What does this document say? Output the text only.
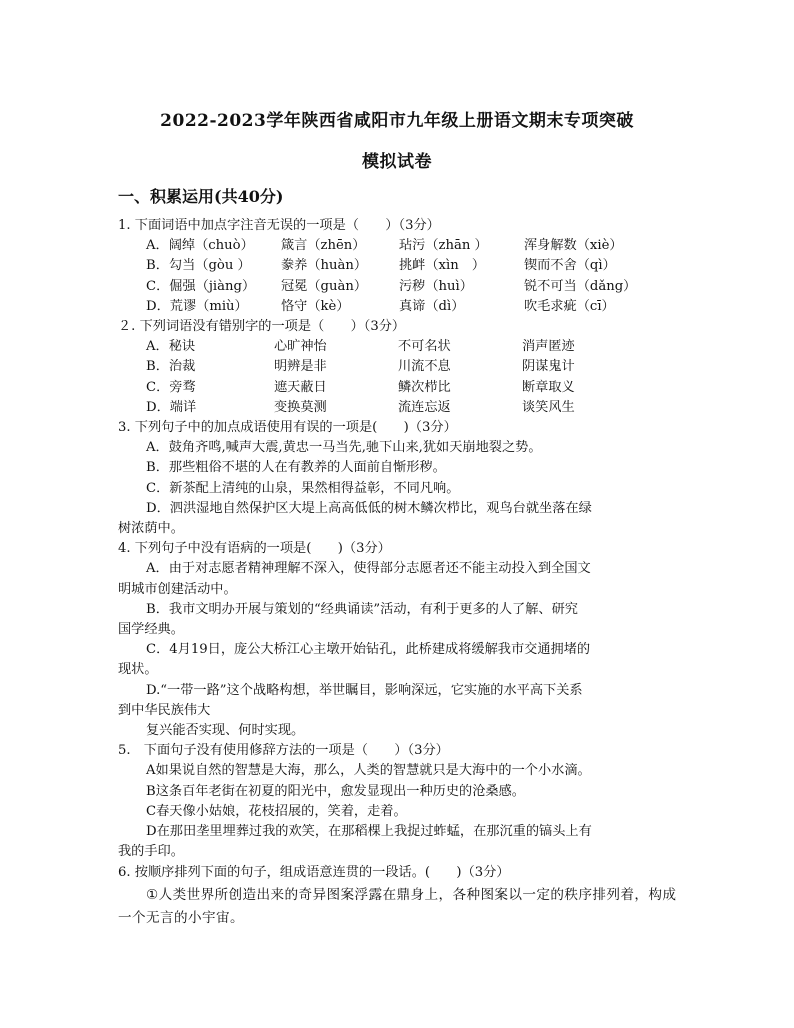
2022-2023学年陕西省咸阳市九年级上册语文期末专项突破
模拟试卷
一、积累运用(共40分)
1. 下面词语中加点字注音无误的一项是（　　）（3分）
A．阔绰（chuò）	箴言（zhēn）	玷污（zhān ）	浑身解数（xiè）
B．勾当（gòu ）	豢养（huàn）	挑衅（xìn　）	锲而不舍（qì）
C．倔强（jiàng）	冠冕（guàn）	污秽（huì）	锐不可当（dǎng）
D．荒谬（miù）	恪守（kè）	真谛（dì）	吹毛求疵（cī）
２. 下列词语没有错别字的一项是（　　）（3分）
A．秘诀	心旷神怡	不可名状	消声匿迹
B．治裁	明辨是非	川流不息	阴谋鬼计
C．旁骛	遮天蔽日	鳞次栉比	断章取义
D．端详	变换莫测	流连忘返	谈笑风生
3. 下列句子中的加点成语使用有误的一项是(　　)（3分）
A．鼓角齐鸣,喊声大震,黄忠一马当先,驰下山来,犹如天崩地裂之势。
B．那些粗俗不堪的人在有教养的人面前自惭形秽。
C．新茶配上清纯的山泉，果然相得益彰，不同凡响。
D．泗洪湿地自然保护区大堤上高高低低的树木鳞次栉比，观鸟台就坐落在绿
树浓荫中。
4. 下列句子中没有语病的一项是(　　)（3分）
A．由于对志愿者精神理解不深入，使得部分志愿者还不能主动投入到全国文
明城市创建活动中。
B．我市文明办开展与策划的“经典诵读”活动，有利于更多的人了解、研究
国学经典。
C．4月19日，庞公大桥江心主墩开始钻孔，此桥建成将缓解我市交通拥堵的
现状。
D.“一带一路”这个战略构想，举世瞩目，影响深远，它实施的水平高下关系
到中华民族伟大
复兴能否实现、何时实现。
5.　下面句子没有使用修辞方法的一项是（　　）（3分）
A如果说自然的智慧是大海，那么，人类的智慧就只是大海中的一个小水滴。
B这条百年老街在初夏的阳光中，愈发显现出一种历史的沧桑感。
C春天像小姑娘，花枝招展的，笑着，走着。
D在那田垄里埋葬过我的欢笑，在那稻棵上我捉过蚱蜢，在那沉重的镐头上有
我的手印。
6. 按顺序排列下面的句子，组成语意连贯的一段话。(　　)（3分）
①人类世界所创造出来的奇异图案浮露在鼎身上，各种图案以一定的秩序排列着，构成一个无言的小宇宙。
